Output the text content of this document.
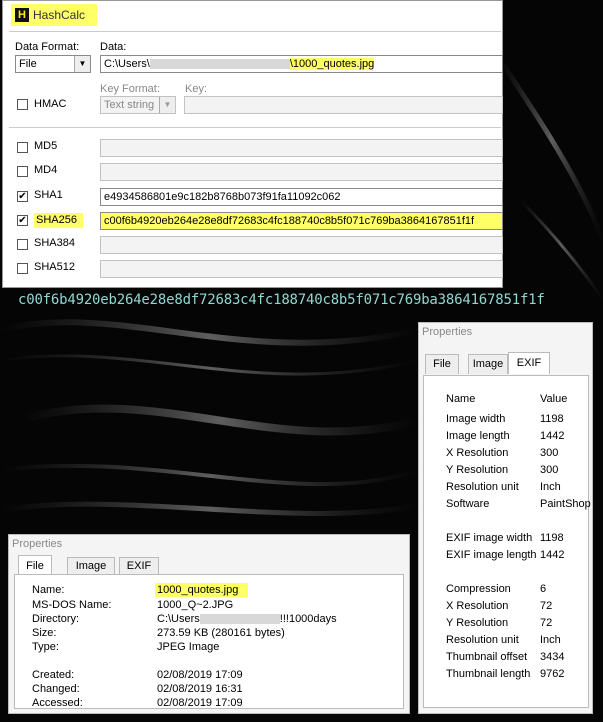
H HashCalc
Data Format:
File	▼
Data:
C:\Users\	\1000_quotes.jpg
HMAC
Key Format:
Text string	▼
Key:
MD5
MD4
✔ SHA1	e4934586801e9c182b8768b073f91fa11092c062
✔ SHA256	c00f6b4920eb264e28e8df72683c4fc188740c8b5f071c769ba3864167851f1f
SHA384
SHA512
c00f6b4920eb264e28e8df72683c4fc188740c8b5f071c769ba3864167851f1f
Properties
File	Image	EXIF
Name	Value
Image width	1198
Image length	1442
X Resolution	300
Y Resolution	300
Resolution unit Inch
Software	PaintShop
EXIF image width 1198
EXIF image length 1442
Compression	6
X Resolution	72
Y Resolution	72
Resolution unit Inch
Thumbnail offset 3434
Thumbnail length 9762
Properties
File	Image	EXIF
Name:	1000_quotes.jpg
MS-DOS Name:	1000_Q~2.JPG
Directory:	C:\Users	!!!1000days
Size:	273.59 KB (280161 bytes)
Type:	JPEG Image
Created:	02/08/2019 17:09
Changed:	02/08/2019 16:31
Accessed:	02/08/2019 17:09
